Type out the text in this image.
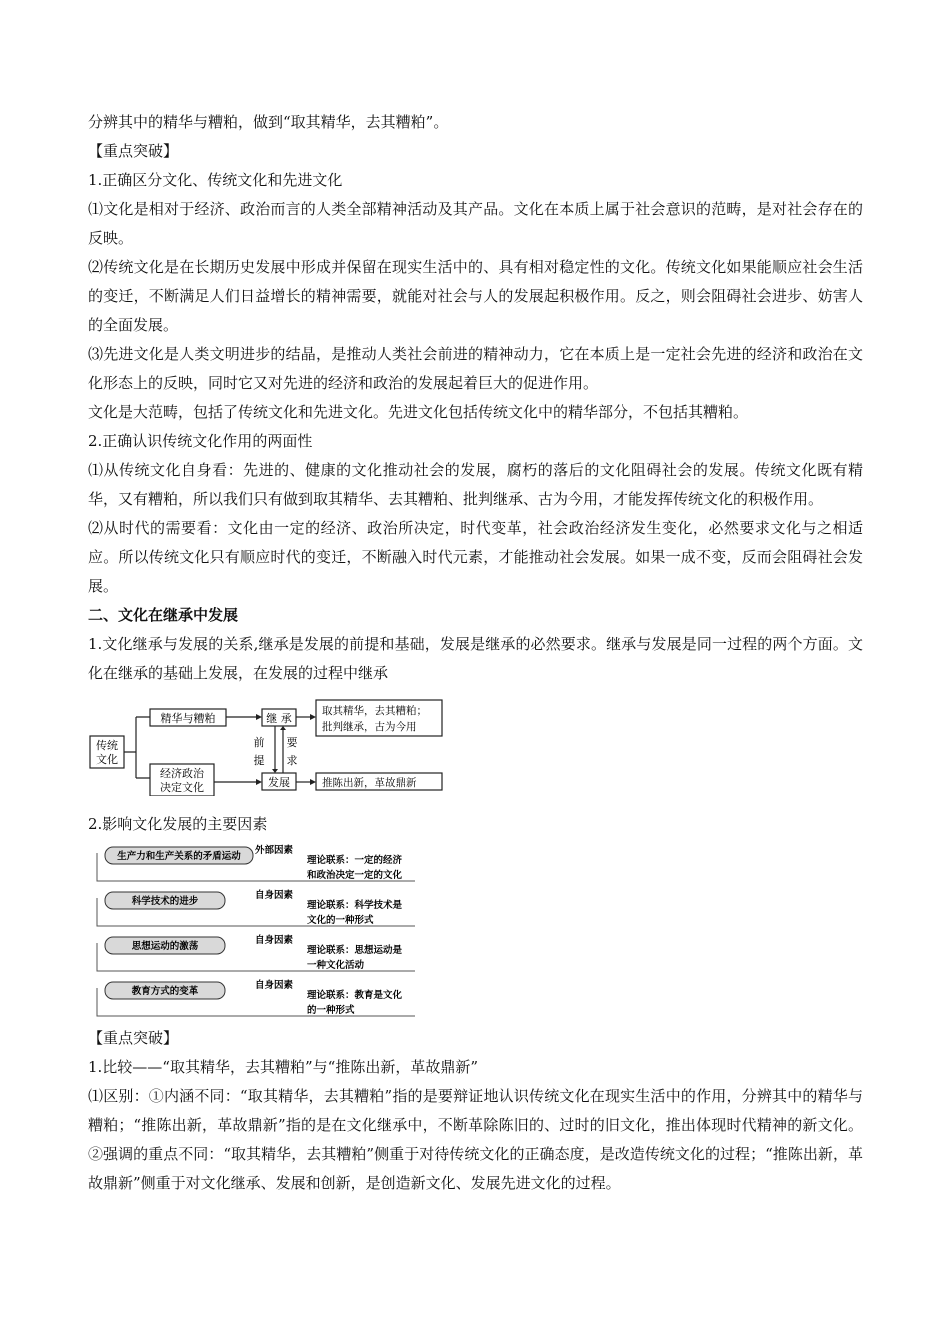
分辨其中的精华与糟粕，做到“取其精华，去其糟粕”。

【重点突破】

1.正确区分文化、传统文化和先进文化

⑴文化是相对于经济、政治而言的人类全部精神活动及其产品。文化在本质上属于社会意识的范畴，是对社会存在的反映。

⑵传统文化是在长期历史发展中形成并保留在现实生活中的、具有相对稳定性的文化。传统文化如果能顺应社会生活的变迁，不断满足人们日益增长的精神需要，就能对社会与人的发展起积极作用。反之，则会阻碍社会进步、妨害人的全面发展。

⑶先进文化是人类文明进步的结晶，是推动人类社会前进的精神动力，它在本质上是一定社会先进的经济和政治在文化形态上的反映，同时它又对先进的经济和政治的发展起着巨大的促进作用。

文化是大范畴，包括了传统文化和先进文化。先进文化包括传统文化中的精华部分，不包括其糟粕。

2.正确认识传统文化作用的两面性

⑴从传统文化自身看：先进的、健康的文化推动社会的发展，腐朽的落后的文化阻碍社会的发展。传统文化既有精华，又有糟粕，所以我们只有做到取其精华、去其糟粕、批判继承、古为今用，才能发挥传统文化的积极作用。

⑵从时代的需要看：文化由一定的经济、政治所决定，时代变革，社会政治经济发生变化，必然要求文化与之相适应。所以传统文化只有顺应时代的变迁，不断融入时代元素，才能推动社会发展。如果一成不变，反而会阻碍社会发展。

二、文化在继承中发展

1.文化继承与发展的关系,继承是发展的前提和基础，发展是继承的必然要求。继承与发展是同一过程的两个方面。文化在继承的基础上发展，在发展的过程中继承

传统
文化
精华与糟粕
经济政治
决定文化
继 承
发展
前
提
要
求
取其精华，去其糟粕；
批判继承，古为今用
推陈出新，革故鼎新

2.影响文化发展的主要因素

生产力和生产关系的矛盾运动
外部因素
理论联系：一定的经济
和政治决定一定的文化
科学技术的进步
自身因素
理论联系：科学技术是
文化的一种形式
思想运动的激荡
自身因素
理论联系：思想运动是
一种文化活动
教育方式的变革
自身因素
理论联系：教育是文化
的一种形式

【重点突破】

1.比较——“取其精华，去其糟粕”与“推陈出新，革故鼎新”

⑴区别：①内涵不同：“取其精华，去其糟粕”指的是要辩证地认识传统文化在现实生活中的作用，分辨其中的精华与糟粕；“推陈出新，革故鼎新”指的是在文化继承中，不断革除陈旧的、过时的旧文化，推出体现时代精神的新文化。②强调的重点不同：“取其精华，去其糟粕”侧重于对待传统文化的正确态度，是改造传统文化的过程；“推陈出新，革故鼎新”侧重于对文化继承、发展和创新，是创造新文化、发展先进文化的过程。
